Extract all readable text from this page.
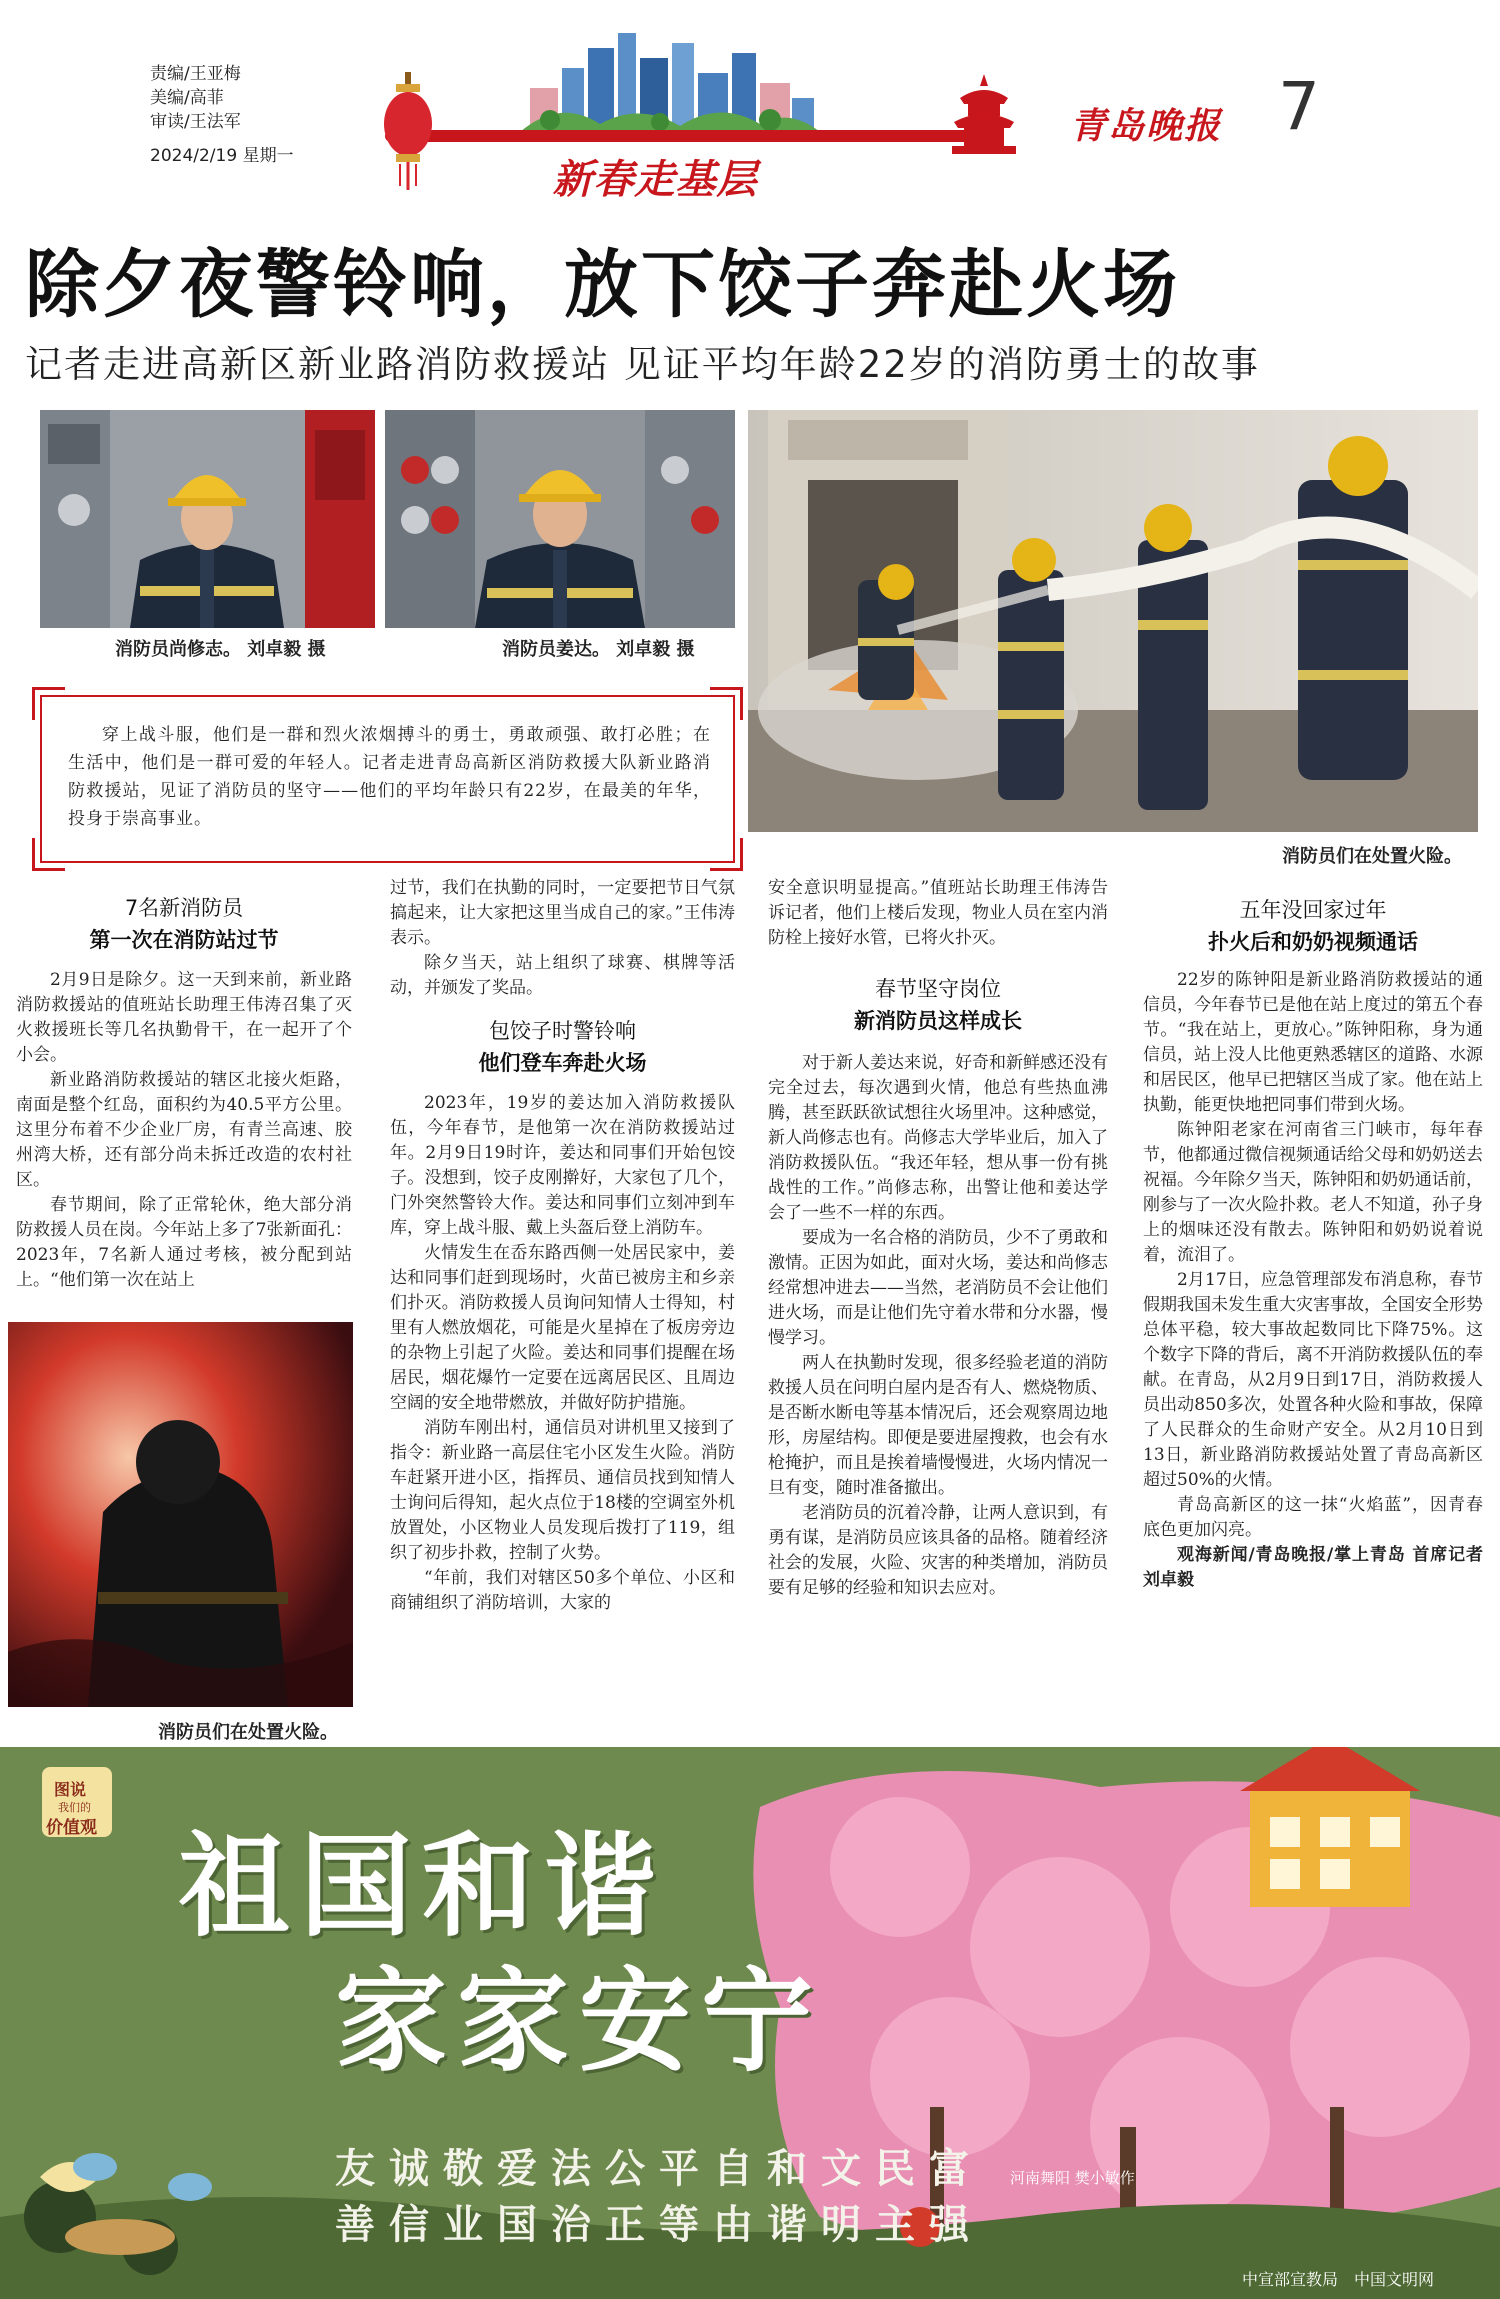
责编/王亚梅
美编/高菲
审读/王法军
2024/2/19 星期一
新春走基层
青岛晚报 7
除夕夜警铃响，放下饺子奔赴火场
记者走进高新区新业路消防救援站 见证平均年龄22岁的消防勇士的故事
消防员尚修志。 刘卓毅 摄	消防员姜达。 刘卓毅 摄
消防员们在处置火险。

穿上战斗服，他们是一群和烈火浓烟搏斗的勇士，勇敢顽强、敢打必胜；在生活中，他们是一群可爱的年轻人。记者走进青岛高新区消防救援大队新业路消防救援站，见证了消防员的坚守——他们的平均年龄只有22岁，在最美的年华，投身于崇高事业。

7名新消防员
第一次在消防站过节

2月9日是除夕。这一天到来前，新业路消防救援站的值班站长助理王伟涛召集了灭火救援班长等几名执勤骨干，在一起开了个小会。

新业路消防救援站的辖区北接火炬路，南面是整个红岛，面积约为40.5平方公里。这里分布着不少企业厂房，有青兰高速、胶州湾大桥，还有部分尚未拆迁改造的农村社区。

春节期间，除了正常轮休，绝大部分消防救援人员在岗。今年站上多了7张新面孔：2023年，7名新人通过考核，被分配到站上。“他们第一次在站上

消防员们在处置火险。

过节，我们在执勤的同时，一定要把节日气氛搞起来，让大家把这里当成自己的家。”王伟涛表示。

除夕当天，站上组织了球赛、棋牌等活动，并颁发了奖品。

包饺子时警铃响
他们登车奔赴火场

2023年，19岁的姜达加入消防救援队伍，今年春节，是他第一次在消防救援站过年。2月9日19时许，姜达和同事们开始包饺子。没想到，饺子皮刚擀好，大家包了几个，门外突然警铃大作。姜达和同事们立刻冲到车库，穿上战斗服、戴上头盔后登上消防车。

火情发生在岙东路西侧一处居民家中，姜达和同事们赶到现场时，火苗已被房主和乡亲们扑灭。消防救援人员询问知情人士得知，村里有人燃放烟花，可能是火星掉在了板房旁边的杂物上引起了火险。姜达和同事们提醒在场居民，烟花爆竹一定要在远离居民区、且周边空阔的安全地带燃放，并做好防护措施。

消防车刚出村，通信员对讲机里又接到了指令：新业路一高层住宅小区发生火险。消防车赶紧开进小区，指挥员、通信员找到知情人士询问后得知，起火点位于18楼的空调室外机放置处，小区物业人员发现后拨打了119，组织了初步扑救，控制了火势。

“年前，我们对辖区50多个单位、小区和商铺组织了消防培训，大家的

安全意识明显提高。”值班站长助理王伟涛告诉记者，他们上楼后发现，物业人员在室内消防栓上接好水管，已将火扑灭。

春节坚守岗位
新消防员这样成长

对于新人姜达来说，好奇和新鲜感还没有完全过去，每次遇到火情，他总有些热血沸腾，甚至跃跃欲试想往火场里冲。这种感觉，新人尚修志也有。尚修志大学毕业后，加入了消防救援队伍。“我还年轻，想从事一份有挑战性的工作。”尚修志称，出警让他和姜达学会了一些不一样的东西。

要成为一名合格的消防员，少不了勇敢和激情。正因为如此，面对火场，姜达和尚修志经常想冲进去——当然，老消防员不会让他们进火场，而是让他们先守着水带和分水器，慢慢学习。

两人在执勤时发现，很多经验老道的消防救援人员在问明白屋内是否有人、燃烧物质、是否断水断电等基本情况后，还会观察周边地形，房屋结构。即便是要进屋搜救，也会有水枪掩护，而且是挨着墙慢慢进，火场内情况一旦有变，随时准备撤出。

老消防员的沉着冷静，让两人意识到，有勇有谋，是消防员应该具备的品格。随着经济社会的发展，火险、灾害的种类增加，消防员要有足够的经验和知识去应对。

五年没回家过年
扑火后和奶奶视频通话

22岁的陈钟阳是新业路消防救援站的通信员，今年春节已是他在站上度过的第五个春节。“我在站上，更放心。”陈钟阳称，身为通信员，站上没人比他更熟悉辖区的道路、水源和居民区，他早已把辖区当成了家。他在站上执勤，能更快地把同事们带到火场。

陈钟阳老家在河南省三门峡市，每年春节，他都通过微信视频通话给父母和奶奶送去祝福。今年除夕当天，陈钟阳和奶奶通话前，刚参与了一次火险扑救。老人不知道，孙子身上的烟味还没有散去。陈钟阳和奶奶说着说着，流泪了。

2月17日，应急管理部发布消息称，春节假期我国未发生重大灾害事故，全国安全形势总体平稳，较大事故起数同比下降75%。这个数字下降的背后，离不开消防救援队伍的奉献。在青岛，从2月9日到17日，消防救援人员出动850多次，处置各种火险和事故，保障了人民群众的生命财产安全。从2月10日到13日，新业路消防救援站处置了青岛高新区超过50%的火情。

青岛高新区的这一抹“火焰蓝”，因青春底色更加闪亮。

观海新闻/青岛晚报/掌上青岛 首席记者 刘卓毅

图说
我们的
价值观 祖国和谐
家家安宁
友诚敬爱法公平自和文民富
善信业国治正等由谐明主强
河南舞阳 樊小敏作
中宣部宣教局　中国文明网
